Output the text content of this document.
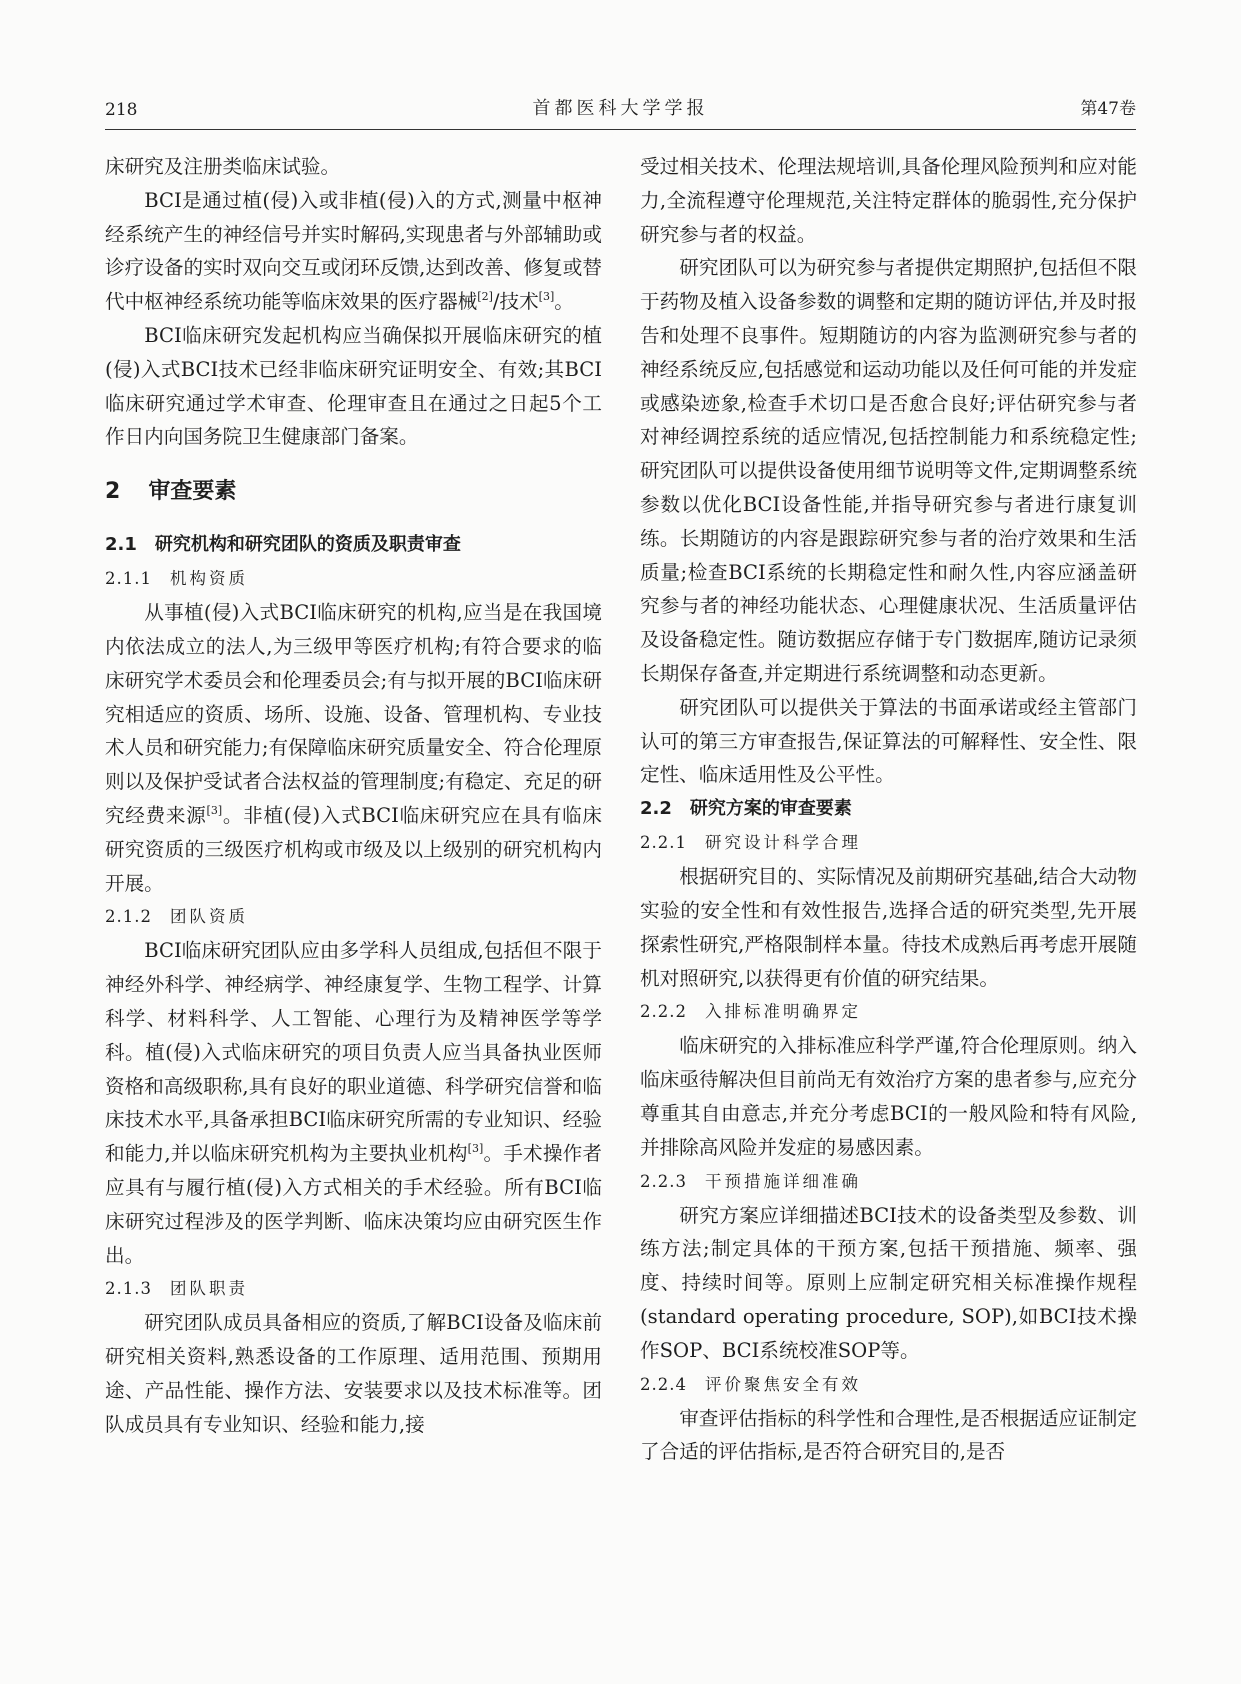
218	首都医科大学学报	第47卷

床研究及注册类临床试验。

BCI是通过植(侵)入或非植(侵)入的方式,测量中枢神经系统产生的神经信号并实时解码,实现患者与外部辅助或诊疗设备的实时双向交互或闭环反馈,达到改善、修复或替代中枢神经系统功能等临床效果的医疗器械[2]/技术[3]。

BCI临床研究发起机构应当确保拟开展临床研究的植(侵)入式BCI技术已经非临床研究证明安全、有效;其BCI临床研究通过学术审查、伦理审查且在通过之日起5个工作日内向国务院卫生健康部门备案。

2 审查要素
2.1 研究机构和研究团队的资质及职责审查
2.1.1 机构资质

从事植(侵)入式BCI临床研究的机构,应当是在我国境内依法成立的法人,为三级甲等医疗机构;有符合要求的临床研究学术委员会和伦理委员会;有与拟开展的BCI临床研究相适应的资质、场所、设施、设备、管理机构、专业技术人员和研究能力;有保障临床研究质量安全、符合伦理原则以及保护受试者合法权益的管理制度;有稳定、充足的研究经费来源[3]。非植(侵)入式BCI临床研究应在具有临床研究资质的三级医疗机构或市级及以上级别的研究机构内开展。

2.1.2 团队资质

BCI临床研究团队应由多学科人员组成,包括但不限于神经外科学、神经病学、神经康复学、生物工程学、计算科学、材料科学、人工智能、心理行为及精神医学等学科。植(侵)入式临床研究的项目负责人应当具备执业医师资格和高级职称,具有良好的职业道德、科学研究信誉和临床技术水平,具备承担BCI临床研究所需的专业知识、经验和能力,并以临床研究机构为主要执业机构[3]。手术操作者应具有与履行植(侵)入方式相关的手术经验。所有BCI临床研究过程涉及的医学判断、临床决策均应由研究医生作出。

2.1.3 团队职责

研究团队成员具备相应的资质,了解BCI设备及临床前研究相关资料,熟悉设备的工作原理、适用范围、预期用途、产品性能、操作方法、安装要求以及技术标准等。团队成员具有专业知识、经验和能力,接

受过相关技术、伦理法规培训,具备伦理风险预判和应对能力,全流程遵守伦理规范,关注特定群体的脆弱性,充分保护研究参与者的权益。

研究团队可以为研究参与者提供定期照护,包括但不限于药物及植入设备参数的调整和定期的随访评估,并及时报告和处理不良事件。短期随访的内容为监测研究参与者的神经系统反应,包括感觉和运动功能以及任何可能的并发症或感染迹象,检查手术切口是否愈合良好;评估研究参与者对神经调控系统的适应情况,包括控制能力和系统稳定性;研究团队可以提供设备使用细节说明等文件,定期调整系统参数以优化BCI设备性能,并指导研究参与者进行康复训练。长期随访的内容是跟踪研究参与者的治疗效果和生活质量;检查BCI系统的长期稳定性和耐久性,内容应涵盖研究参与者的神经功能状态、心理健康状况、生活质量评估及设备稳定性。随访数据应存储于专门数据库,随访记录须长期保存备查,并定期进行系统调整和动态更新。

研究团队可以提供关于算法的书面承诺或经主管部门认可的第三方审查报告,保证算法的可解释性、安全性、限定性、临床适用性及公平性。

2.2 研究方案的审查要素
2.2.1 研究设计科学合理

根据研究目的、实际情况及前期研究基础,结合大动物实验的安全性和有效性报告,选择合适的研究类型,先开展探索性研究,严格限制样本量。待技术成熟后再考虑开展随机对照研究,以获得更有价值的研究结果。

2.2.2 入排标准明确界定

临床研究的入排标准应科学严谨,符合伦理原则。纳入临床亟待解决但目前尚无有效治疗方案的患者参与,应充分尊重其自由意志,并充分考虑BCI的一般风险和特有风险,并排除高风险并发症的易感因素。

2.2.3 干预措施详细准确

研究方案应详细描述BCI技术的设备类型及参数、训练方法;制定具体的干预方案,包括干预措施、频率、强度、持续时间等。原则上应制定研究相关标准操作规程(standard operating procedure, SOP),如BCI技术操作SOP、BCI系统校准SOP等。

2.2.4 评价聚焦安全有效

审查评估指标的科学性和合理性,是否根据适应证制定了合适的评估指标,是否符合研究目的,是否
